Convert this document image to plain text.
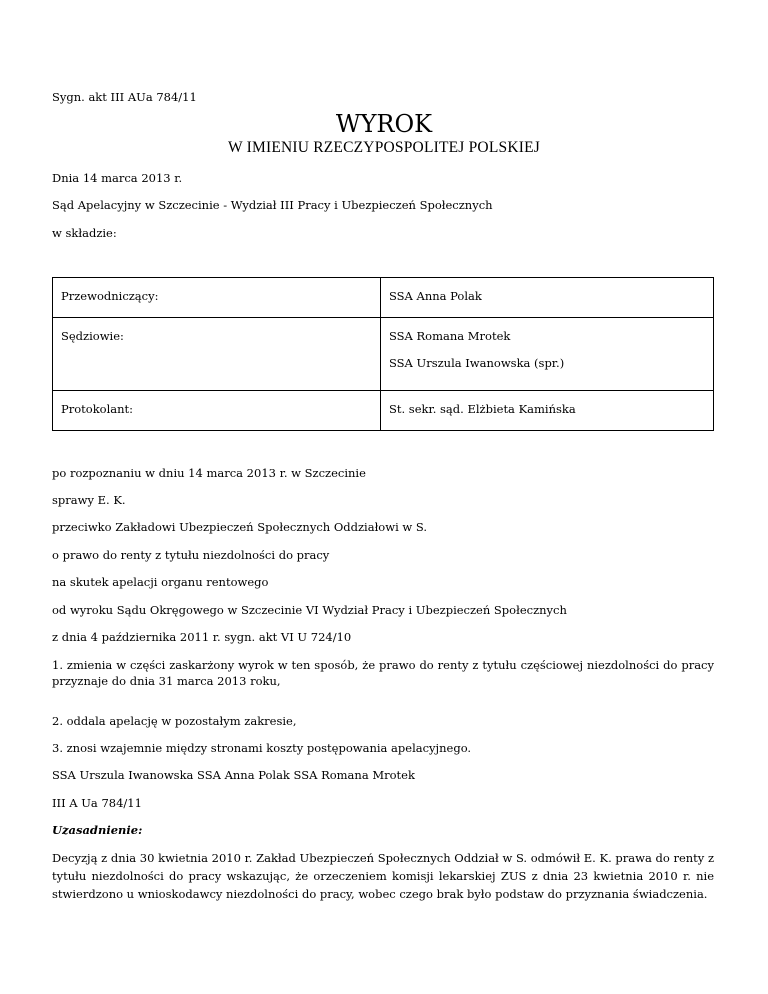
Sygn. akt III AUa 784/11
WYROK
W IMIENIU RZECZYPOSPOLITEJ POLSKIEJ
Dnia 14 marca 2013 r.
Sąd Apelacyjny w Szczecinie - Wydział III Pracy i Ubezpieczeń Społecznych
w składzie:
Przewodniczący:	SSA Anna Polak
Sędziowie:	SSA Romana Mrotek
SSA Urszula Iwanowska (spr.)

Protokolant:	St. sekr. sąd. Elżbieta Kamińska
po rozpoznaniu w dniu 14 marca 2013 r. w Szczecinie
sprawy E. K.
przeciwko Zakładowi Ubezpieczeń Społecznych Oddziałowi w S.
o prawo do renty z tytułu niezdolności do pracy
na skutek apelacji organu rentowego
od wyroku Sądu Okręgowego w Szczecinie VI Wydział Pracy i Ubezpieczeń Społecznych
z dnia 4 października 2011 r. sygn. akt VI U 724/10
1. zmienia w części zaskarżony wyrok w ten sposób, że prawo do renty z tytułu częściowej niezdolności do pracy przyznaje do dnia 31 marca 2013 roku,
2. oddala apelację w pozostałym zakresie,
3. znosi wzajemnie między stronami koszty postępowania apelacyjnego.
SSA Urszula Iwanowska SSA Anna Polak SSA Romana Mrotek
III A Ua 784/11
Uzasadnienie:
Decyzją z dnia 30 kwietnia 2010 r. Zakład Ubezpieczeń Społecznych Oddział w S. odmówił E. K. prawa do renty z tytułu niezdolności do pracy wskazując, że orzeczeniem komisji lekarskiej ZUS z dnia 23 kwietnia 2010 r. nie stwierdzono u wnioskodawcy niezdolności do pracy, wobec czego brak było podstaw do przyznania świadczenia.
